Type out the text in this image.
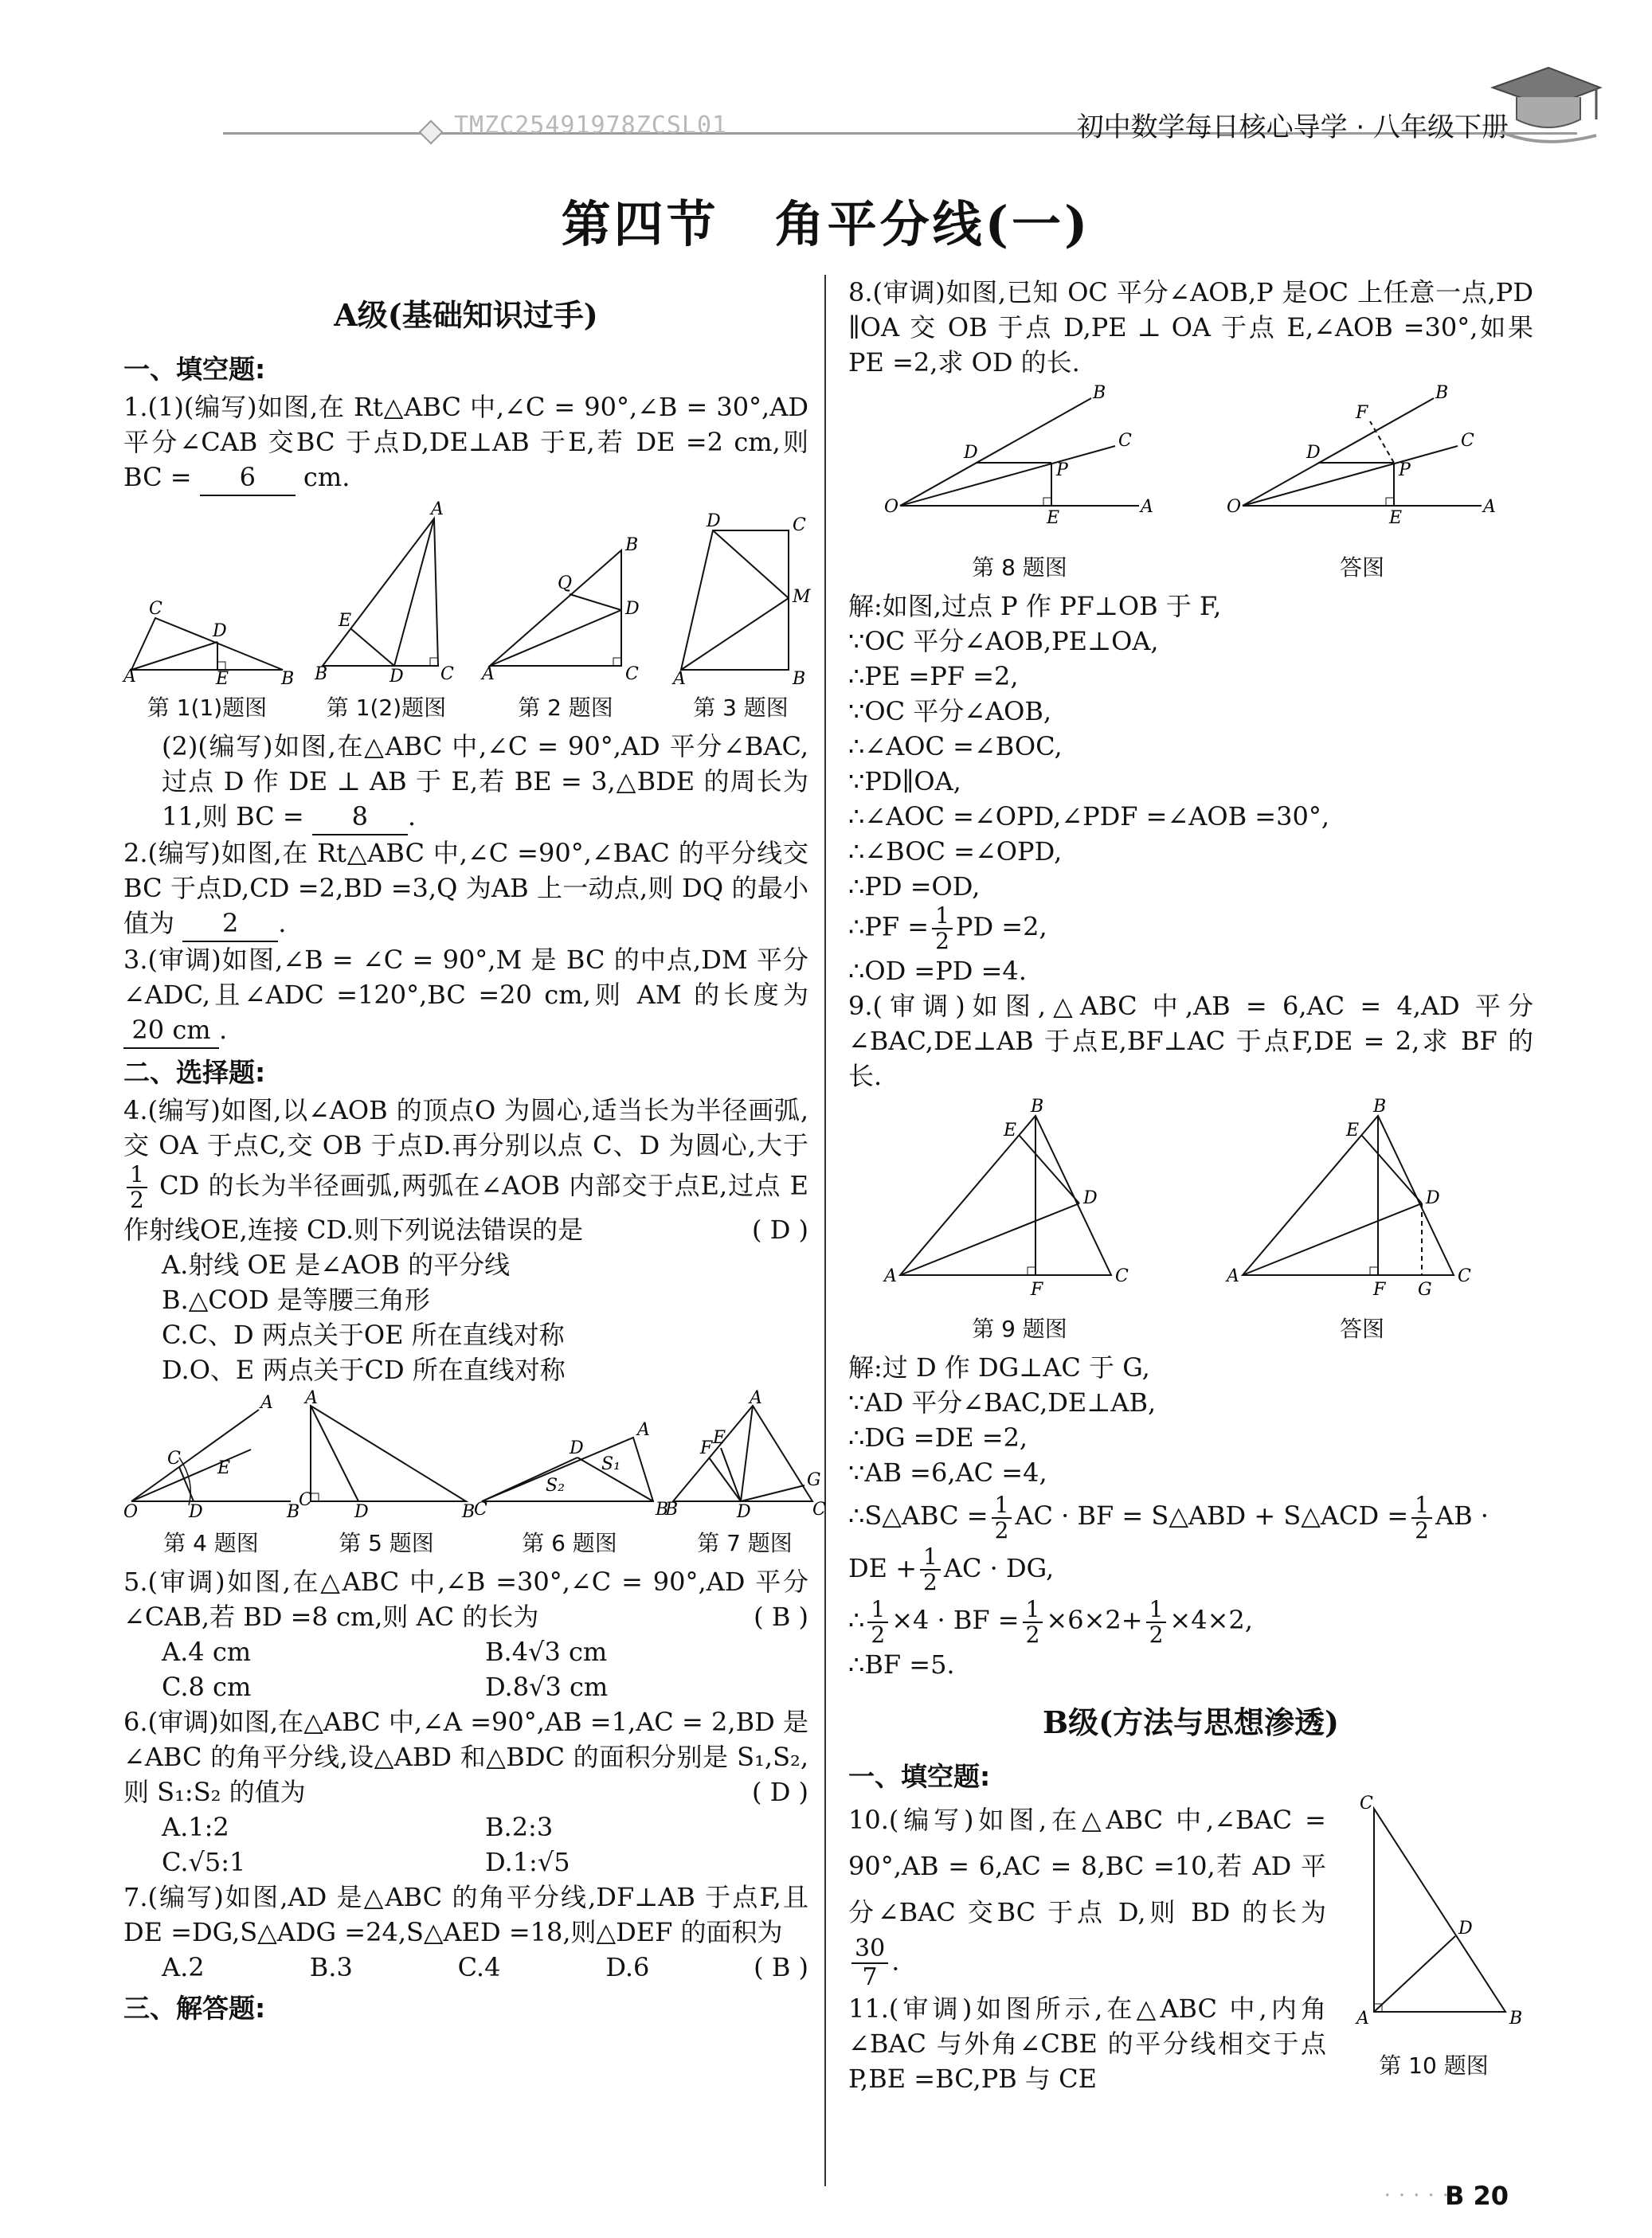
TMZC25491978ZCSL01	初中数学每日核心导学 · 八年级下册
第四节 角平分线(一)
A级(基础知识过手)
一、填空题:

1.(1)(编写)如图,在 Rt△ABC 中,∠C = 90°,∠B = 30°,AD 平分∠CAB 交BC 于点D,DE⊥AB 于E,若 DE =2 cm,则 BC = 6 cm.

A
C
D
E	B
第 1(1)题图
B
A
E
D C
第 1(2)题图
A
B
D
Q
C
第 2 题图
D	C
M
A	B
第 3 题图

(2)(编写)如图,在△ABC 中,∠C = 90°,AD 平分∠BAC,过点 D 作 DE ⊥ AB 于 E,若 BE = 3,△BDE 的周长为 11,则 BC = 8 .

2.(编写)如图,在 Rt△ABC 中,∠C =90°,∠BAC 的平分线交BC 于点D,CD =2,BD =3,Q 为AB 上一动点,则 DQ 的最小值为 2 .

3.(审调)如图,∠B = ∠C = 90°,M 是 BC 的中点,DM 平分∠ADC,且∠ADC =120°,BC =20 cm,则 AM 的长度为 20 cm .

二、选择题:

4.(编写)如图,以∠AOB 的顶点O 为圆心,适当长为半径画弧,交 OA 于点C,交 OB 于点D.再分别以点 C、D 为圆心,大于
$\frac{1}{2}$ CD 的长为半径画弧,两弧在∠AOB 内部交于点E,过点 E 作射线OE,连接 CD.则下列说法错误的是	( D )

A.射线 OE 是∠AOB 的平分线
B.△COD 是等腰三角形
C.C、D 两点关于OE 所在直线对称
D.O、E 两点关于CD 所在直线对称
O
A
C
D
E
B
第 4 题图
A
C
D	B
第 5 题图
C
A
D
B
S₁
S₂
第 6 题图
A
B	D
F
E
G
C
第 7 题图

5.(审调)如图,在△ABC 中,∠B =30°,∠C = 90°,AD 平分∠CAB,若 BD =8 cm,则 AC 的长为	( B )

A.4 cm	B.4√3 cm
C.8 cm	D.8√3 cm

6.(审调)如图,在△ABC 中,∠A =90°,AB =1,AC = 2,BD 是∠ABC 的角平分线,设△ABD 和△BDC 的面积分别是 S₁,S₂,则 S₁:S₂ 的值为	( D )

A.1:2	B.2:3
C.√5:1	D.1:√5

7.(编写)如图,AD 是△ABC 的角平分线,DF⊥AB 于点F,且 DE =DG,S△ADG =24,S△AED =18,则△DEF 的面积为
( B )

A.2	B.3	C.4	D.6
三、解答题:

8.(审调)如图,已知 OC 平分∠AOB,P 是OC 上任意一点,PD ∥OA 交 OB 于点 D,PE ⊥ OA 于点 E,∠AOB =30°,如果 PE =2,求 OD 的长.

O
D
P
E
B
C
A
第 8 题图
O
D
F
P
E
B
C
A
答图

解:如图,过点 P 作 PF⊥OB 于 F,

∵OC 平分∠AOB,PE⊥OA,

∴PE =PF =2,

∵OC 平分∠AOB,

∴∠AOC =∠BOC,

∵PD∥OA,

∴∠AOC =∠OPD,∠PDF =∠AOB =30°,

∴∠BOC =∠OPD,

∴PD =OD,

∴PF = $\frac{1}{2}$ PD =2,

∴OD =PD =4.

9.(审调)如图,△ABC 中,AB = 6,AC = 4,AD 平分∠BAC,DE⊥AB 于点E,BF⊥AC 于点F,DE = 2,求 BF 的长.

A
B
E
D
F
C
第 9 题图
A
B
E
D
F G
C
答图

解:过 D 作 DG⊥AC 于 G,

∵AD 平分∠BAC,DE⊥AB,

∴DG =DE =2,

∵AB =6,AC =4,

∴S△ABC = $\frac{1}{2}$ AC · BF = S△ABD + S△ACD = $\frac{1}{2}$ AB ·

DE + $\frac{1}{2}$ AC · DG,

∴ $\frac{1}{2} \times 4$ · BF = $\frac{1}{2} \times 6\times 2+ \frac{1}{2} \times 4\times 2$,

∴BF =5.

B级(方法与思想渗透)
一、填空题:

10.(编写)如图,在△ABC 中,∠BAC = 90°,AB = 6,AC = 8,BC =10,若 AD 平分∠BAC 交BC 于点 D,则 BD 的长为
$\frac{30}{7}$ .

11.(审调)如图所示,在△ABC 中,内角∠BAC 与外角∠CBE 的平分线相交于点 P,BE =BC,PB 与 CE

C
D
A	B
第 10 题图
·····
B 20
